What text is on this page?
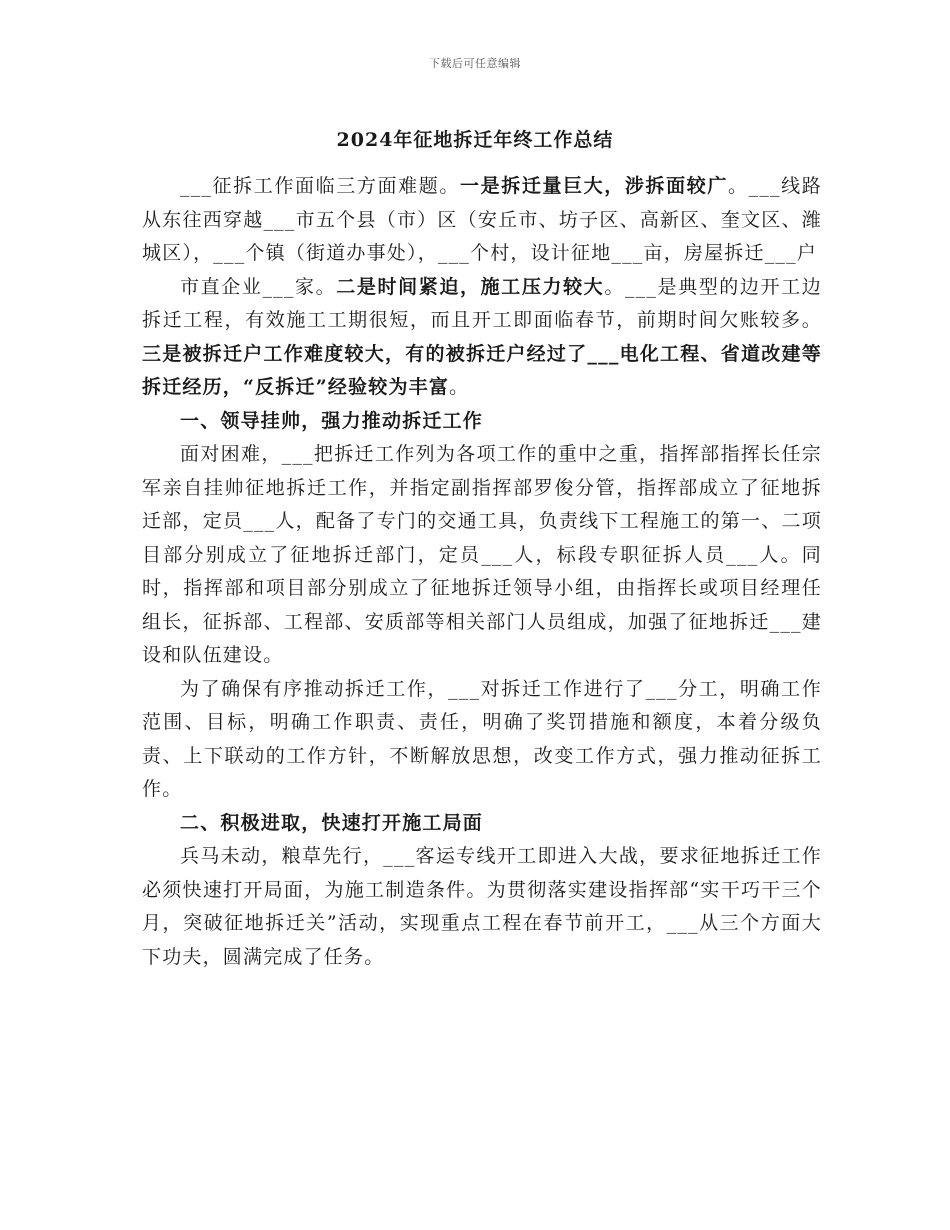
下载后可任意编辑
2024年征地拆迁年终工作总结

___征拆工作面临三方面难题。一是拆迁量巨大，涉拆面较广。___线路从东往西穿越___市五个县（市）区（安丘市、坊子区、高新区、奎文区、潍城区），___个镇（街道办事处），___个村，设计征地___亩，房屋拆迁___户

市直企业___家。二是时间紧迫，施工压力较大。___是典型的边开工边拆迁工程，有效施工工期很短，而且开工即面临春节，前期时间欠账较多。三是被拆迁户工作难度较大，有的被拆迁户经过了___电化工程、省道改建等拆迁经历，“反拆迁”经验较为丰富。

一、领导挂帅，强力推动拆迁工作

面对困难，___把拆迁工作列为各项工作的重中之重，指挥部指挥长任宗军亲自挂帅征地拆迁工作，并指定副指挥部罗俊分管，指挥部成立了征地拆迁部，定员___人，配备了专门的交通工具，负责线下工程施工的第一、二项目部分别成立了征地拆迁部门，定员___人，标段专职征拆人员___人。同时，指挥部和项目部分别成立了征地拆迁领导小组，由指挥长或项目经理任组长，征拆部、工程部、安质部等相关部门人员组成，加强了征地拆迁___建设和队伍建设。

为了确保有序推动拆迁工作，___对拆迁工作进行了___分工，明确工作范围、目标，明确工作职责、责任，明确了奖罚措施和额度，本着分级负责、上下联动的工作方针，不断解放思想，改变工作方式，强力推动征拆工作。

二、积极进取，快速打开施工局面

兵马未动，粮草先行，___客运专线开工即进入大战，要求征地拆迁工作必须快速打开局面，为施工制造条件。为贯彻落实建设指挥部“实干巧干三个月，突破征地拆迁关”活动，实现重点工程在春节前开工，___从三个方面大下功夫，圆满完成了任务。
